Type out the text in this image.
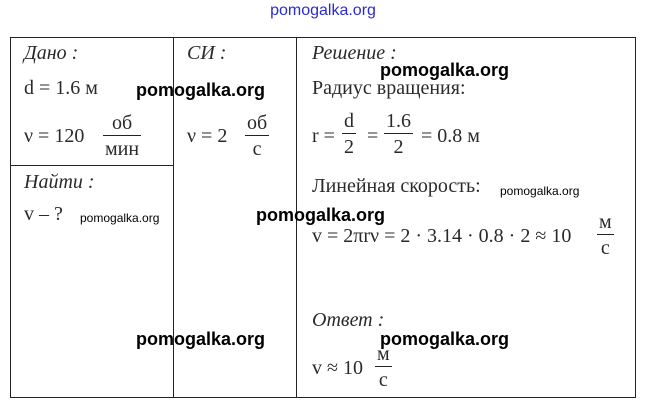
pomogalka.org
Дано :
d = 1.6 м
ν = 120
об
мин
Найти :
v – ?
СИ :
ν = 2
об
с
Решение :
Радиус вращения:
$r = \frac{d}{2} = \frac{1.6}{2} = 0.8$ м
Линейная скорость:
v = 2πrν = 2 · 3.14 · 0.8 · 2 ≈ 10
м
с
Ответ :
v ≈ 10
м
с
pomogalka.org
pomogalka.org
pomogalka.org
pomogalka.org	pomogalka.org
pomogalka.org	pomogalka.org
